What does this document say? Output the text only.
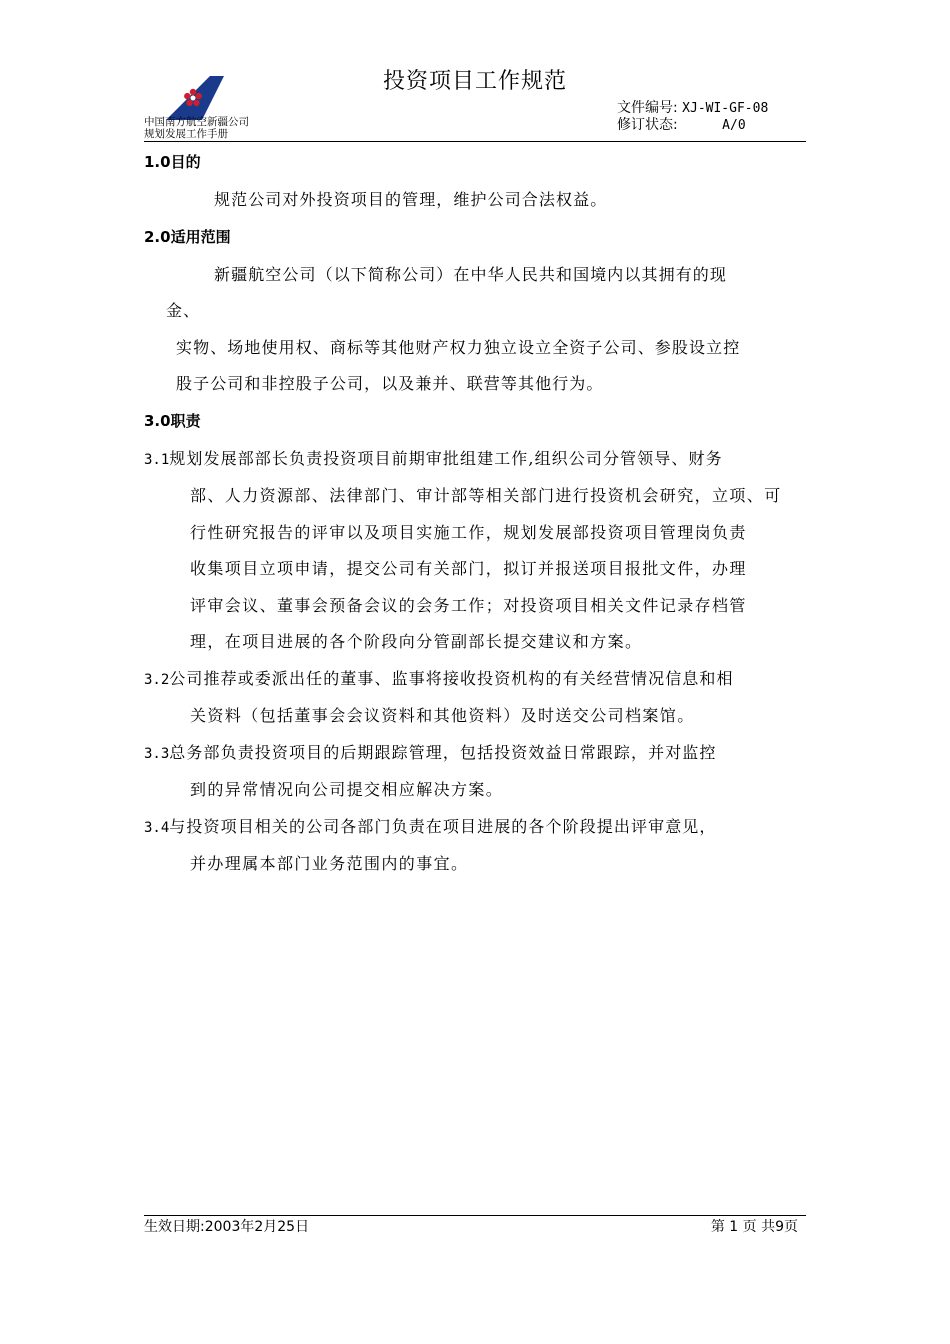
中国南方航空新疆公司
规划发展工作手册
投资项目工作规范
文件编号: XJ-WI-GF-08
修订状态:	A/0
1.0目的
规范公司对外投资项目的管理，维护公司合法权益。
2.0适用范围
新疆航空公司（以下简称公司）在中华人民共和国境内以其拥有的现
金、
实物、场地使用权、商标等其他财产权力独立设立全资子公司、参股设立控
股子公司和非控股子公司，以及兼并、联营等其他行为。
3.0职责
3.1规划发展部部长负责投资项目前期审批组建工作,组织公司分管领导、财务
部、人力资源部、法律部门、审计部等相关部门进行投资机会研究，立项、可
行性研究报告的评审以及项目实施工作，规划发展部投资项目管理岗负责
收集项目立项申请，提交公司有关部门，拟订并报送项目报批文件，办理
评审会议、董事会预备会议的会务工作；对投资项目相关文件记录存档管
理，在项目进展的各个阶段向分管副部长提交建议和方案。
3.2公司推荐或委派出任的董事、监事将接收投资机构的有关经营情况信息和相
关资料（包括董事会会议资料和其他资料）及时送交公司档案馆。
3.3总务部负责投资项目的后期跟踪管理，包括投资效益日常跟踪，并对监控
到的异常情况向公司提交相应解决方案。
3.4与投资项目相关的公司各部门负责在项目进展的各个阶段提出评审意见，
并办理属本部门业务范围内的事宜。
生效日期:2003年2月25日	第 1 页 共9页
